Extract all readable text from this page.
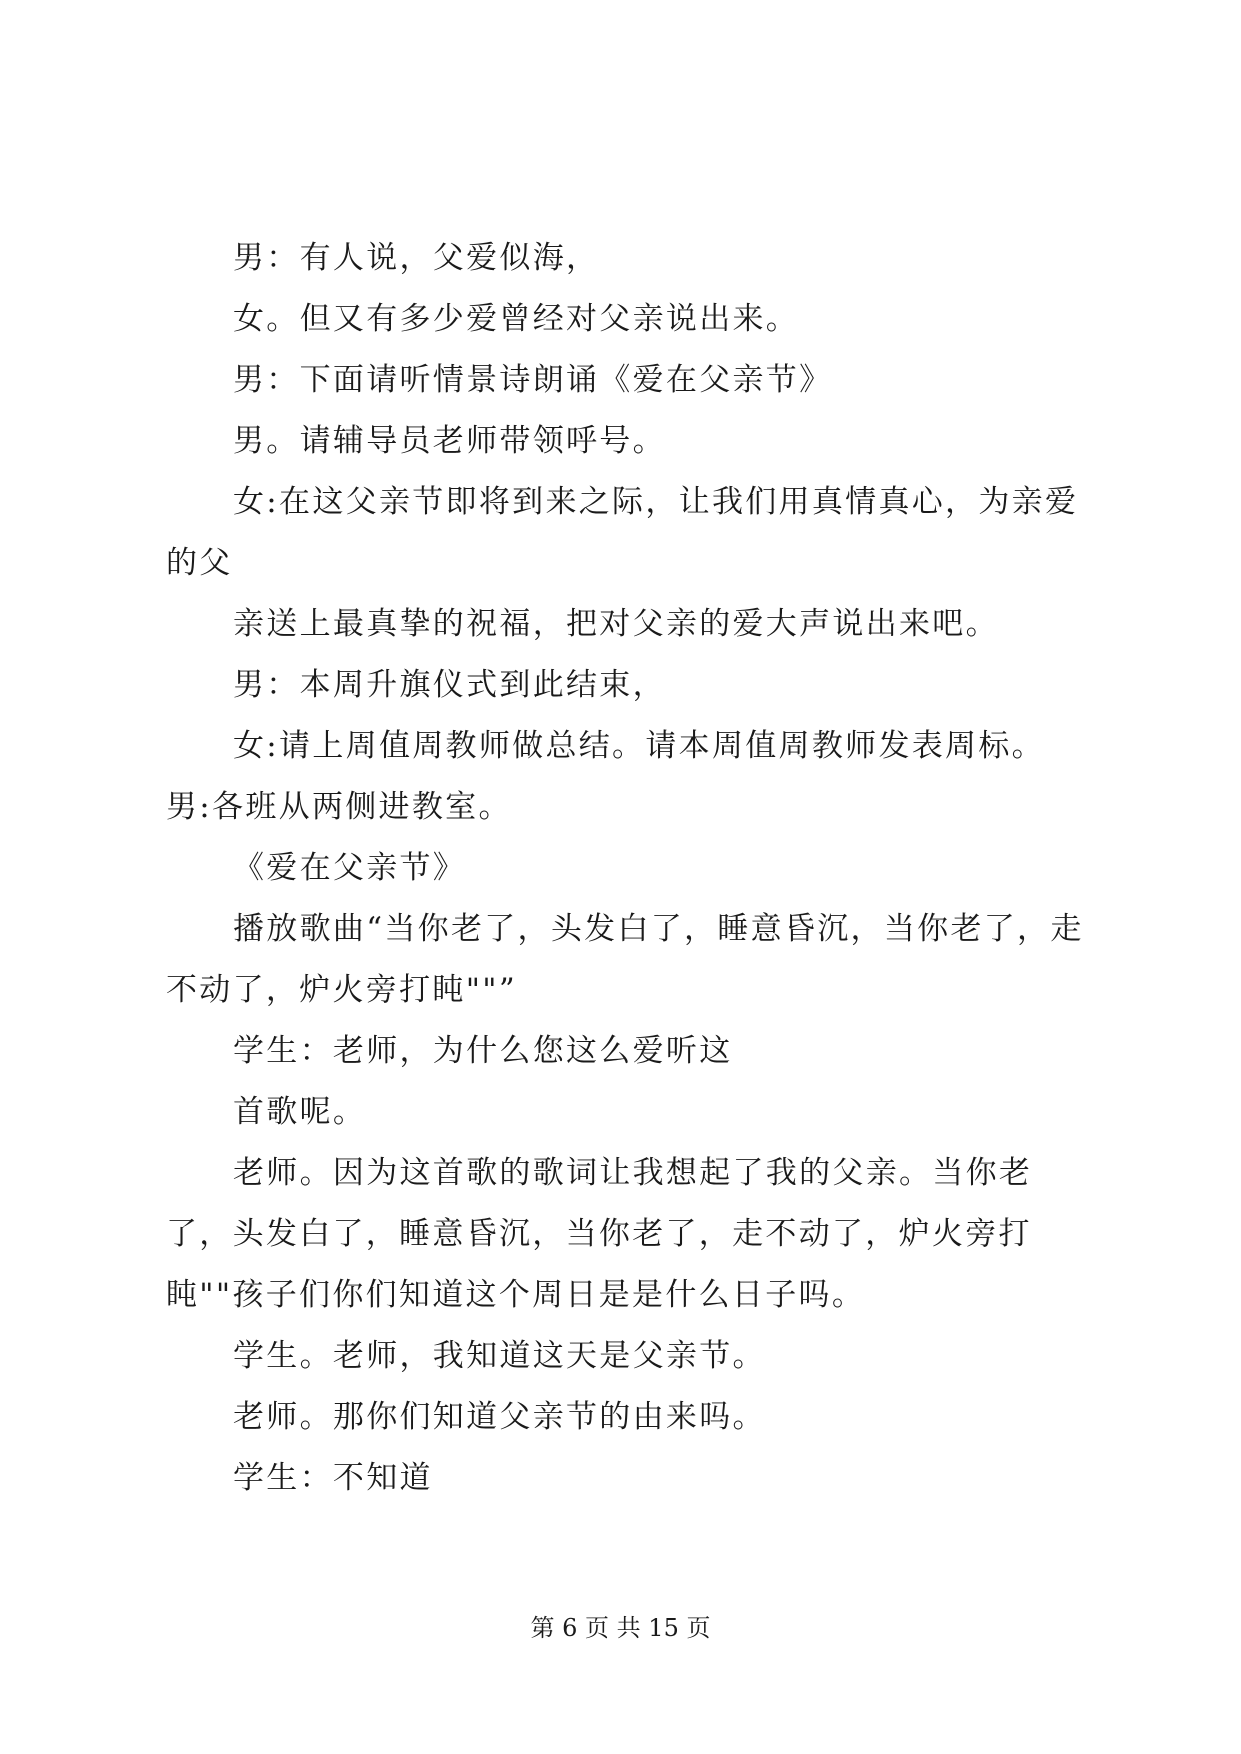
男：有人说，父爱似海，

女。但又有多少爱曾经对父亲说出来。

男：下面请听情景诗朗诵《爱在父亲节》

男。请辅导员老师带领呼号。

女:在这父亲节即将到来之际，让我们用真情真心，为亲爱的父

亲送上最真挚的祝福，把对父亲的爱大声说出来吧。

男：本周升旗仪式到此结束，

女:请上周值周教师做总结。请本周值周教师发表周标。男:各班从两侧进教室。

《爱在父亲节》

播放歌曲“当你老了，头发白了，睡意昏沉，当你老了，走不动了，炉火旁打盹""”

学生：老师，为什么您这么爱听这

首歌呢。

老师。因为这首歌的歌词让我想起了我的父亲。当你老了，头发白了，睡意昏沉，当你老了，走不动了，炉火旁打盹""孩子们你们知道这个周日是是什么日子吗。

学生。老师，我知道这天是父亲节。

老师。那你们知道父亲节的由来吗。

学生：不知道

第 6 页 共 15 页
